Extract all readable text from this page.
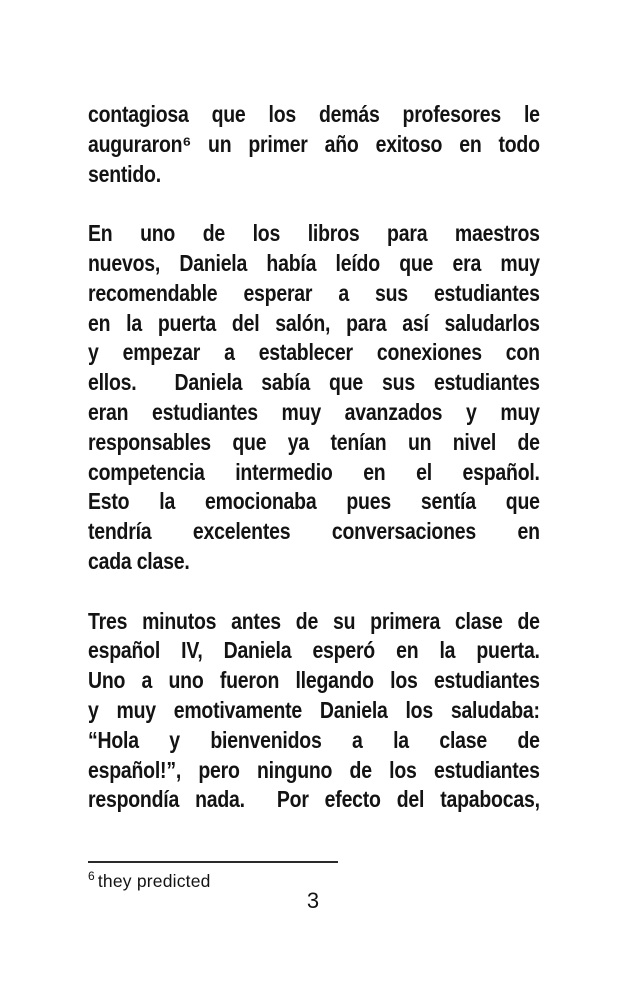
contagiosa que los demás profesores le
auguraron⁶ un primer año exitoso en todo
sentido.
En uno de los libros para maestros
nuevos, Daniela había leído que era muy
recomendable esperar a sus estudiantes
en la puerta del salón, para así saludarlos
y empezar a establecer conexiones con
ellos.  Daniela sabía que sus estudiantes
eran estudiantes muy avanzados y muy
responsables que ya tenían un nivel de
competencia intermedio en el español.
Esto la emocionaba pues sentía que
tendría excelentes conversaciones en
cada clase.
Tres minutos antes de su primera clase de
español IV, Daniela esperó en la puerta.
Uno a uno fueron llegando los estudiantes
y muy emotivamente Daniela los saludaba:
“Hola y bienvenidos a la clase de
español!”, pero ninguno de los estudiantes
respondía nada.  Por efecto del tapabocas,
$^6$ they predicted
3
